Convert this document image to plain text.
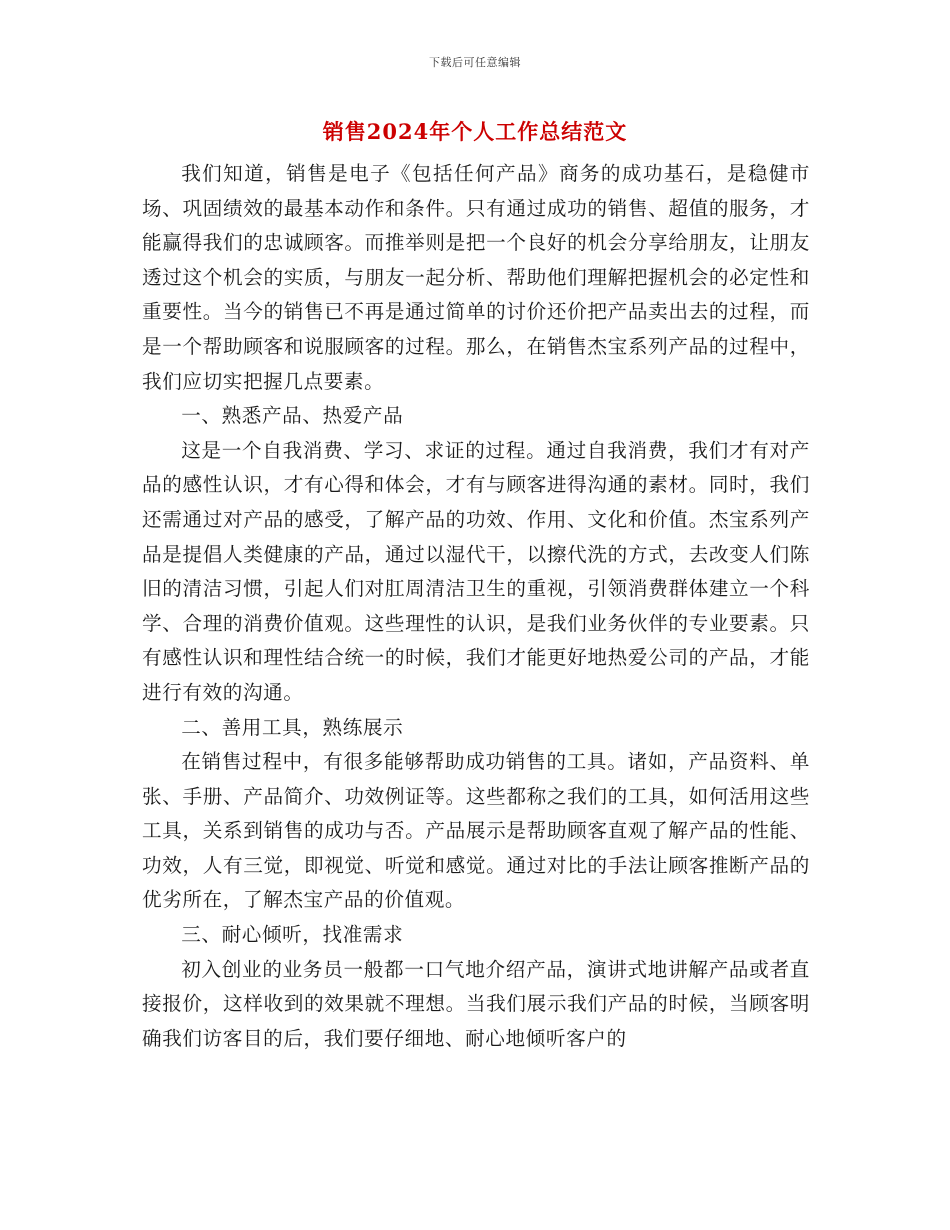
下载后可任意编辑
销售2024年个人工作总结范文

我们知道，销售是电子《包括任何产品》商务的成功基石，是稳健市场、巩固绩效的最基本动作和条件。只有通过成功的销售、超值的服务，才能赢得我们的忠诚顾客。而推举则是把一个良好的机会分享给朋友，让朋友透过这个机会的实质，与朋友一起分析、帮助他们理解把握机会的必定性和重要性。当今的销售已不再是通过简单的讨价还价把产品卖出去的过程，而是一个帮助顾客和说服顾客的过程。那么，在销售杰宝系列产品的过程中，我们应切实把握几点要素。

一、熟悉产品、热爱产品

这是一个自我消费、学习、求证的过程。通过自我消费，我们才有对产品的感性认识，才有心得和体会，才有与顾客进得沟通的素材。同时，我们还需通过对产品的感受，了解产品的功效、作用、文化和价值。杰宝系列产品是提倡人类健康的产品，通过以湿代干，以擦代洗的方式，去改变人们陈旧的清洁习惯，引起人们对肛周清洁卫生的重视，引领消费群体建立一个科学、合理的消费价值观。这些理性的认识，是我们业务伙伴的专业要素。只有感性认识和理性结合统一的时候，我们才能更好地热爱公司的产品，才能进行有效的沟通。

二、善用工具，熟练展示

在销售过程中，有很多能够帮助成功销售的工具。诸如，产品资料、单张、手册、产品简介、功效例证等。这些都称之我们的工具，如何活用这些工具，关系到销售的成功与否。产品展示是帮助顾客直观了解产品的性能、功效，人有三觉，即视觉、听觉和感觉。通过对比的手法让顾客推断产品的优劣所在，了解杰宝产品的价值观。

三、耐心倾听，找准需求

初入创业的业务员一般都一口气地介绍产品，演讲式地讲解产品或者直接报价，这样收到的效果就不理想。当我们展示我们产品的时候，当顾客明确我们访客目的后，我们要仔细地、耐心地倾听客户的
